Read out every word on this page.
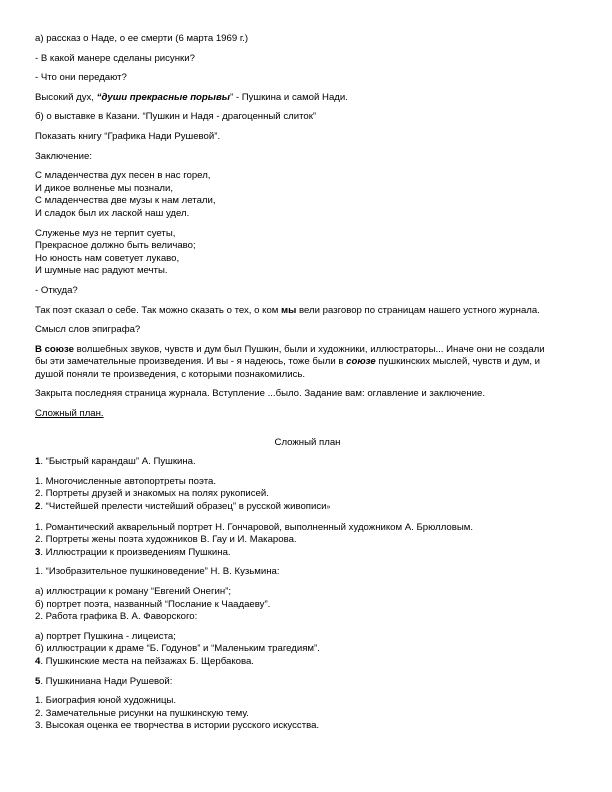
а) рассказ о Наде, о ее смерти (6 марта 1969 г.)

- В какой манере сделаны рисунки?

- Что они передают?

Высокий дух, “души прекрасные порывы” - Пушкина и самой Нади.

б) о выставке в Казани. “Пушкин и Надя - драгоценный слиток”

Показать книгу “Графика Нади Рушевой”.

Заключение:

С младенчества дух песен в нас горел,

И дикое волненье мы познали,

С младенчества две музы к нам летали,

И сладок был их лаской наш удел.

Служенье муз не терпит суеты,

Прекрасное должно быть величаво;

Но юность нам советует лукаво,

И шумные нас радуют мечты.

- Откуда?

Так поэт сказал о себе. Так можно сказать о тех, о ком мы вели разговор по страницам нашего устного журнала.

Смысл слов эпиграфа?

В союзе волшебных звуков, чувств и дум был Пушкин, были и художники, иллюстраторы... Иначе они не создали

бы эти замечательные произведения. И вы - я надеюсь, тоже были в союзе пушкинских мыслей, чувств и дум, и

душой поняли те произведения, с которыми познакомились.

Закрыта последняя страница журнала. Вступление ...было. Задание вам: оглавление и заключение.

Сложный план.

Сложный план

1. “Быстрый карандаш” А. Пушкина.

1. Многочисленные автопортреты поэта.

2. Портреты друзей и знакомых на полях рукописей.

2. “Чистейшей прелести чистейший образец” в русской живописи»

1. Романтический акварельный портрет Н. Гончаровой, выполненный художником А. Брюлловым.

2. Портреты жены поэта художников В. Гау и И. Макарова.

3. Иллюстрации к произведениям Пушкина.

1. “Изобразительное пушкиноведение” Н. В. Кузьмина:

а) иллюстрации к роману “Евгений Онегин”;

б) портрет поэта, названный “Послание к Чаадаеву”.

2. Работа графика В. А. Фаворского:

а) портрет Пушкина - лицеиста;

б) иллюстрации к драме “Б. Годунов” и “Маленьким трагедиям”.

4. Пушкинские места на пейзажах Б. Щербакова.

5. Пушкиниана Нади Рушевой:

1. Биография юной художницы.

2. Замечательные рисунки на пушкинскую тему.

3. Высокая оценка ее творчества в истории русского искусства.
